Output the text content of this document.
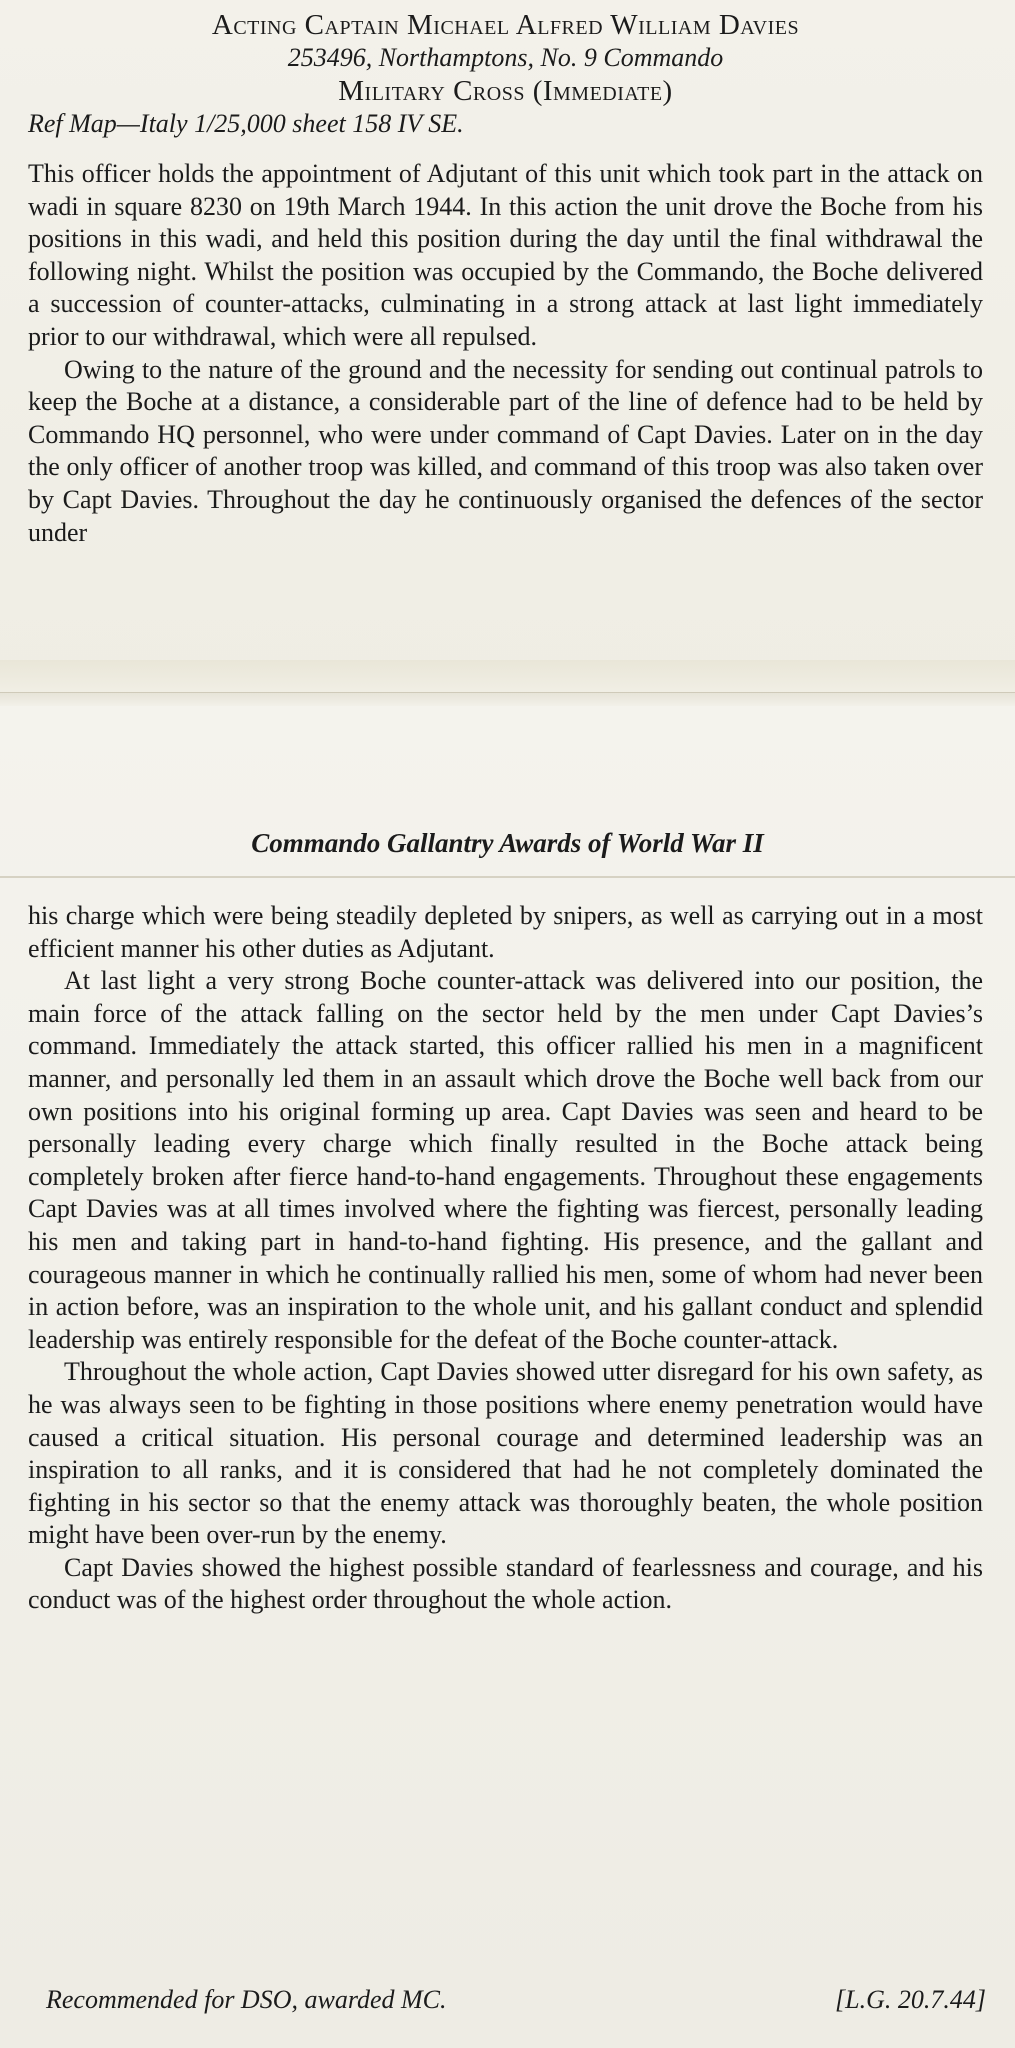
Acting Captain Michael Alfred William Davies
253496, Northamptons, No. 9 Commando
Military Cross (Immediate)
Ref Map—Italy 1/25,000 sheet 158 IV SE.

This officer holds the appointment of Adjutant of this unit which took part in the attack on wadi in square 8230 on 19th March 1944. In this action the unit drove the Boche from his positions in this wadi, and held this position during the day until the final withdrawal the following night. Whilst the position was occupied by the Commando, the Boche delivered a succession of counter-attacks, culminating in a strong attack at last light immediately prior to our withdrawal, which were all repulsed.

Owing to the nature of the ground and the necessity for sending out continual patrols to keep the Boche at a distance, a considerable part of the line of defence had to be held by Commando HQ personnel, who were under command of Capt Davies. Later on in the day the only officer of another troop was killed, and command of this troop was also taken over by Capt Davies. Throughout the day he continuously organised the defences of the sector under

Commando Gallantry Awards of World War II

his charge which were being steadily depleted by snipers, as well as carrying out in a most efficient manner his other duties as Adjutant.

At last light a very strong Boche counter-attack was delivered into our position, the main force of the attack falling on the sector held by the men under Capt Davies’s command. Immediately the attack started, this officer rallied his men in a magnificent manner, and personally led them in an assault which drove the Boche well back from our own positions into his original forming up area. Capt Davies was seen and heard to be personally leading every charge which finally resulted in the Boche attack being completely broken after fierce hand-to-hand engagements. Throughout these engagements Capt Davies was at all times involved where the fighting was fiercest, personally leading his men and taking part in hand-to-hand fighting. His presence, and the gallant and courageous manner in which he continually rallied his men, some of whom had never been in action before, was an inspiration to the whole unit, and his gallant conduct and splendid leadership was entirely responsible for the defeat of the Boche counter-attack.

Throughout the whole action, Capt Davies showed utter disregard for his own safety, as he was always seen to be fighting in those positions where enemy penetration would have caused a critical situation. His personal courage and determined leadership was an inspiration to all ranks, and it is considered that had he not completely dominated the fighting in his sector so that the enemy attack was thoroughly beaten, the whole position might have been over-run by the enemy.

Capt Davies showed the highest possible standard of fearlessness and courage, and his conduct was of the highest order throughout the whole action.

Recommended for DSO, awarded MC.	[L.G. 20.7.44]
